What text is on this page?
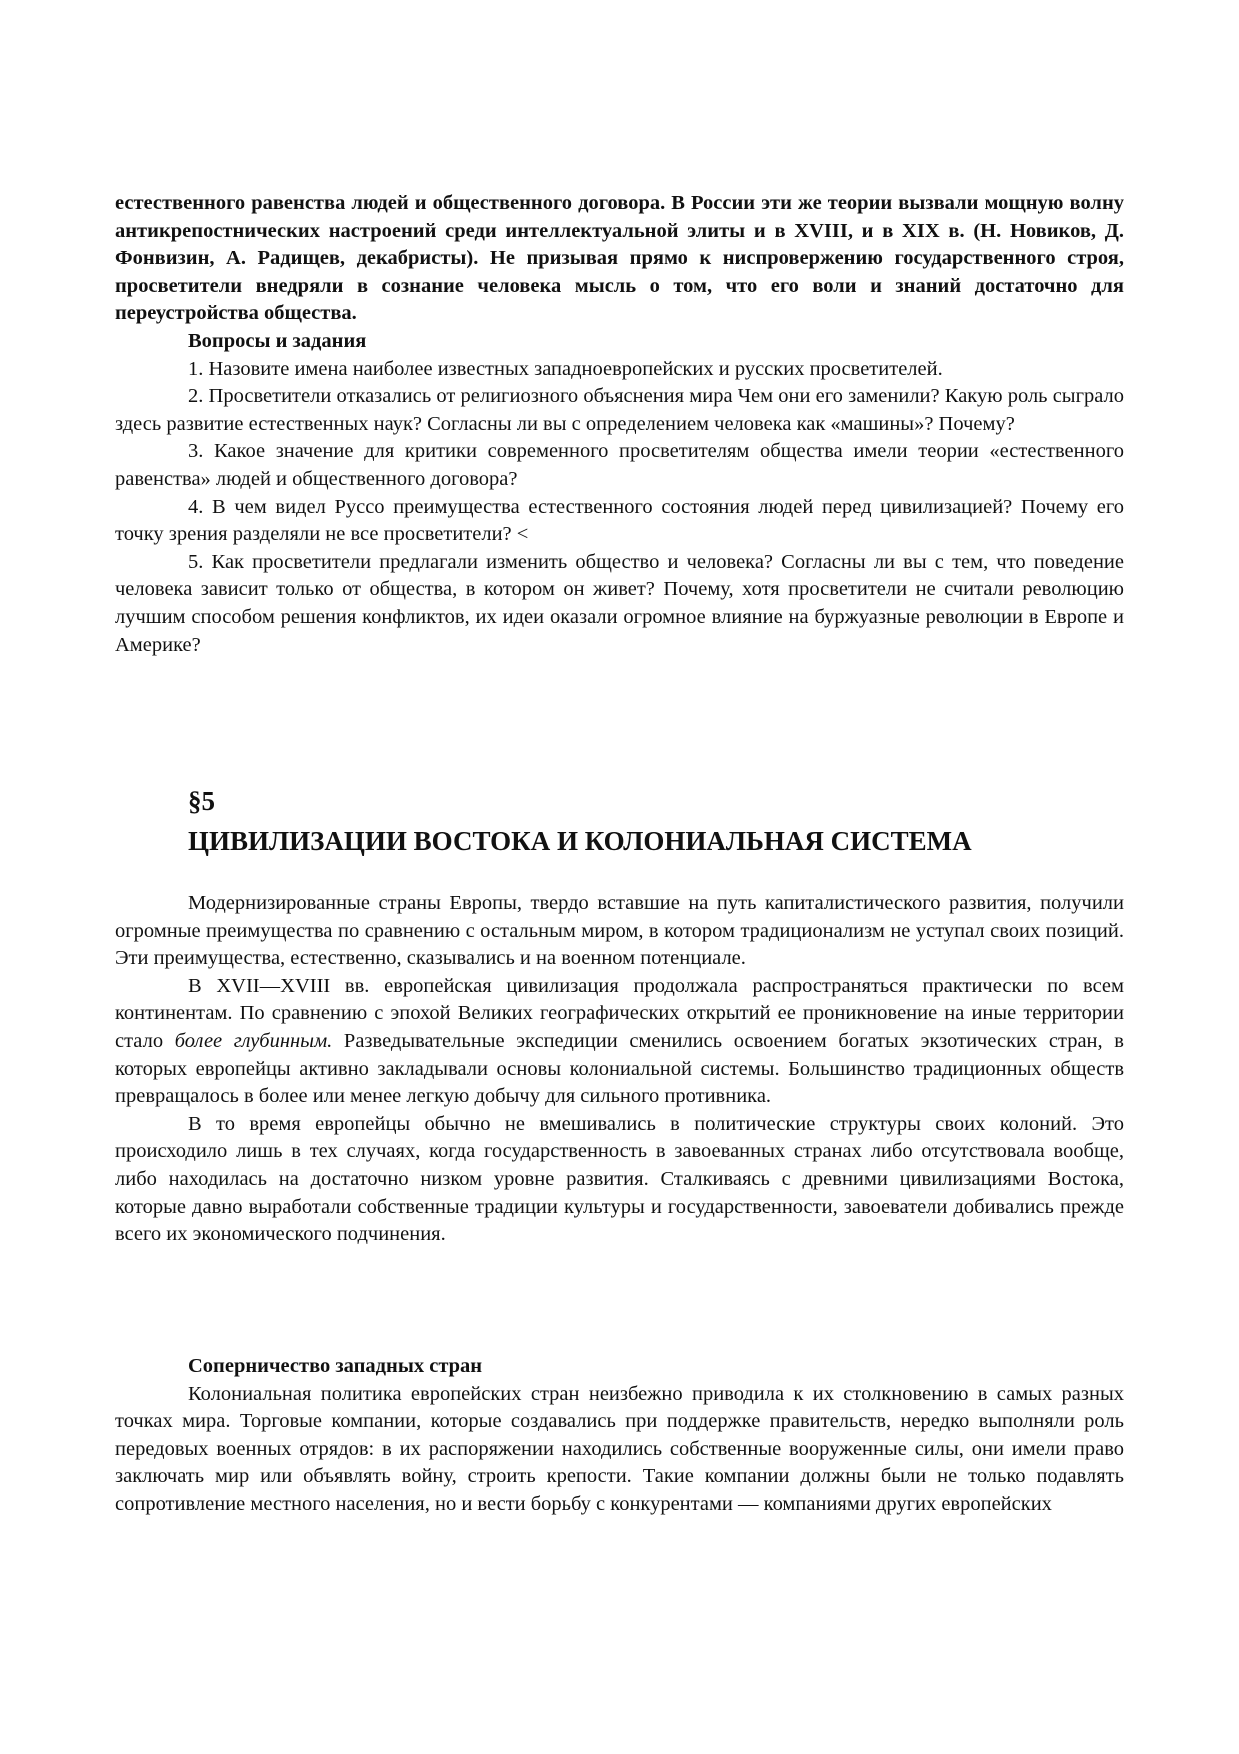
естественного равенства людей и общественного договора. В России эти же теории вызвали мощную волну антикрепостнических настроений среди интеллектуальной элиты и в XVIII, и в XIX в. (Н. Новиков, Д. Фонвизин, А. Радищев, декабристы). Не призывая прямо к ниспровержению государственного строя, просветители внедряли в сознание человека мысль о том, что его воли и знаний достаточно для переустройства общества.

Вопросы и задания

1. Назовите имена наиболее известных западноевропейских и русских просветителей.

2. Просветители отказались от религиозного объяснения мира Чем они его заменили? Какую роль сыграло здесь развитие естественных наук? Согласны ли вы с определением человека как «машины»? Почему?

3. Какое значение для критики современного просветителям общества имели теории «естественного равенства» людей и общественного договора?

4. В чем видел Руссо преимущества естественного состояния людей перед цивилизацией? Почему его точку зрения разделяли не все просветители? <

5. Как просветители предлагали изменить общество и человека? Согласны ли вы с тем, что поведение человека зависит только от общества, в котором он живет? Почему, хотя просветители не считали революцию лучшим способом решения конфликтов, их идеи оказали огромное влияние на буржуазные революции в Европе и Америке?

§5
ЦИВИЛИЗАЦИИ ВОСТОКА И КОЛОНИАЛЬНАЯ СИСТЕМА

Модернизированные страны Европы, твердо вставшие на путь капиталистического развития, получили огромные преимущества по сравнению с остальным миром, в котором традиционализм не уступал своих позиций. Эти преимущества, естественно, сказывались и на военном потенциале.

В XVII—XVIII вв. европейская цивилизация продолжала распространяться практически по всем континентам. По сравнению с эпохой Великих географических открытий ее проникновение на иные территории стало более глубинным. Разведывательные экспедиции сменились освоением богатых экзотических стран, в которых европейцы активно закладывали основы колониальной системы. Большинство традиционных обществ превращалось в более или менее легкую добычу для сильного противника.

В то время европейцы обычно не вмешивались в политические структуры своих колоний. Это происходило лишь в тех случаях, когда государственность в завоеванных странах либо отсутствовала вообще, либо находилась на достаточно низком уровне развития. Сталкиваясь с древними цивилизациями Востока, которые давно выработали собственные традиции культуры и государственности, завоеватели добивались прежде всего их экономического подчинения.

Соперничество западных стран

Колониальная политика европейских стран неизбежно приводила к их столкновению в самых разных точках мира. Торговые компании, которые создавались при поддержке правительств, нередко выполняли роль передовых военных отрядов: в их распоряжении находились собственные вооруженные силы, они имели право заключать мир или объявлять войну, строить крепости. Такие компании должны были не только подавлять сопротивление местного населения, но и вести борьбу с конкурентами — компаниями других европейских
